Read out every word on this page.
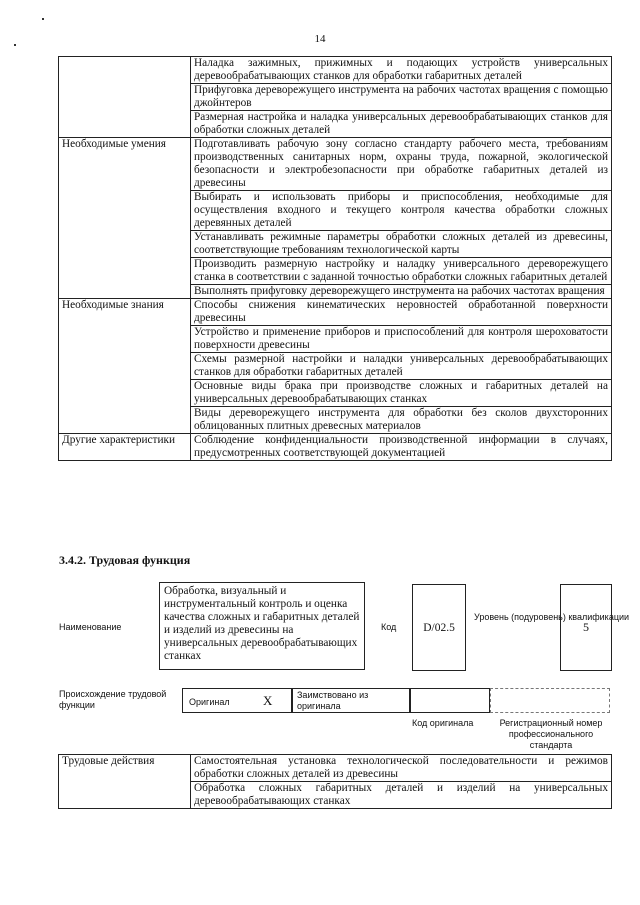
14
	Наладка зажимных, прижимных и подающих устройств универсальных деревообрабатывающих станков для обработки габаритных деталей
	Прифуговка дереворежущего инструмента на рабочих частотах вращения с помощью джойнтеров
	Размерная настройка и наладка универсальных деревообрабатывающих станков для обработки сложных деталей
Необходимые умения	Подготавливать рабочую зону согласно стандарту рабочего места, требованиям производственных санитарных норм, охраны труда, пожарной, экологической безопасности и электробезопасности при обработке габаритных деталей из древесины
	Выбирать и использовать приборы и приспособления, необходимые для осуществления входного и текущего контроля качества обработки сложных деревянных деталей
	Устанавливать режимные параметры обработки сложных деталей из древесины, соответствующие требованиям технологической карты
	Производить размерную настройку и наладку универсального дереворежущего станка в соответствии с заданной точностью обработки сложных габаритных деталей
	Выполнять прифуговку дереворежущего инструмента на рабочих частотах вращения
Необходимые знания	Способы снижения кинематических неровностей обработанной поверхности древесины
	Устройство и применение приборов и приспособлений для контроля шероховатости поверхности древесины
	Схемы размерной настройки и наладки универсальных деревообрабатывающих станков для обработки габаритных деталей
	Основные виды брака при производстве сложных и габаритных деталей на универсальных деревообрабатывающих станках
	Виды дереворежущего инструмента для обработки без сколов двухсторонних облицованных плитных древесных материалов
Другие характеристики	Соблюдение конфиденциальности производственной информации в случаях, предусмотренных соответствующей документацией
3.4.2. Трудовая функция
Наименование
Обработка, визуальный и инструментальный контроль и оценка качества сложных и габаритных деталей и изделий из древесины на универсальных деревообрабатывающих станках
Код	D/02.5
Уровень (подуровень) квалификации
5
Происхождение трудовой функции	Оригинал	X	Заимствовано из оригинала
Код оригинала	Регистрационный номер профессионального стандарта
Трудовые действия	Самостоятельная установка технологической последовательности и режимов обработки сложных деталей из древесины
Обработка сложных габаритных деталей и изделий на универсальных деревообрабатывающих станках
